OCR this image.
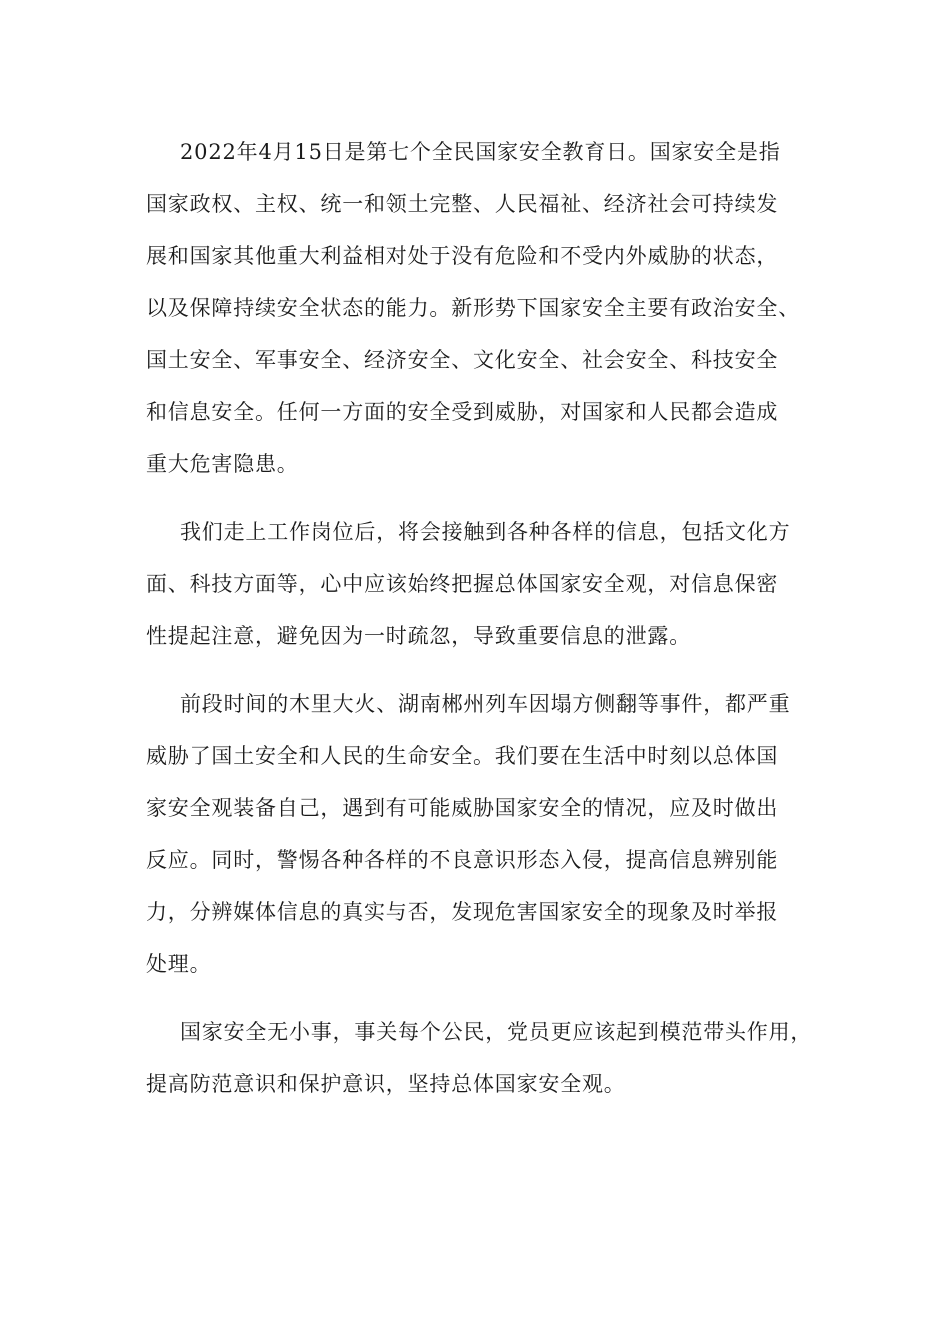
2022年4月15日是第七个全民国家安全教育日。国家安全是指
国家政权、主权、统一和领土完整、人民福祉、经济社会可持续发
展和国家其他重大利益相对处于没有危险和不受内外威胁的状态，
以及保障持续安全状态的能力。新形势下国家安全主要有政治安全、
国土安全、军事安全、经济安全、文化安全、社会安全、科技安全
和信息安全。任何一方面的安全受到威胁，对国家和人民都会造成
重大危害隐患。

我们走上工作岗位后，将会接触到各种各样的信息，包括文化方
面、科技方面等，心中应该始终把握总体国家安全观，对信息保密
性提起注意，避免因为一时疏忽，导致重要信息的泄露。

前段时间的木里大火、湖南郴州列车因塌方侧翻等事件，都严重
威胁了国土安全和人民的生命安全。我们要在生活中时刻以总体国
家安全观装备自己，遇到有可能威胁国家安全的情况，应及时做出
反应。同时，警惕各种各样的不良意识形态入侵，提高信息辨别能
力，分辨媒体信息的真实与否，发现危害国家安全的现象及时举报
处理。

国家安全无小事，事关每个公民，党员更应该起到模范带头作用，
提高防范意识和保护意识，坚持总体国家安全观。
